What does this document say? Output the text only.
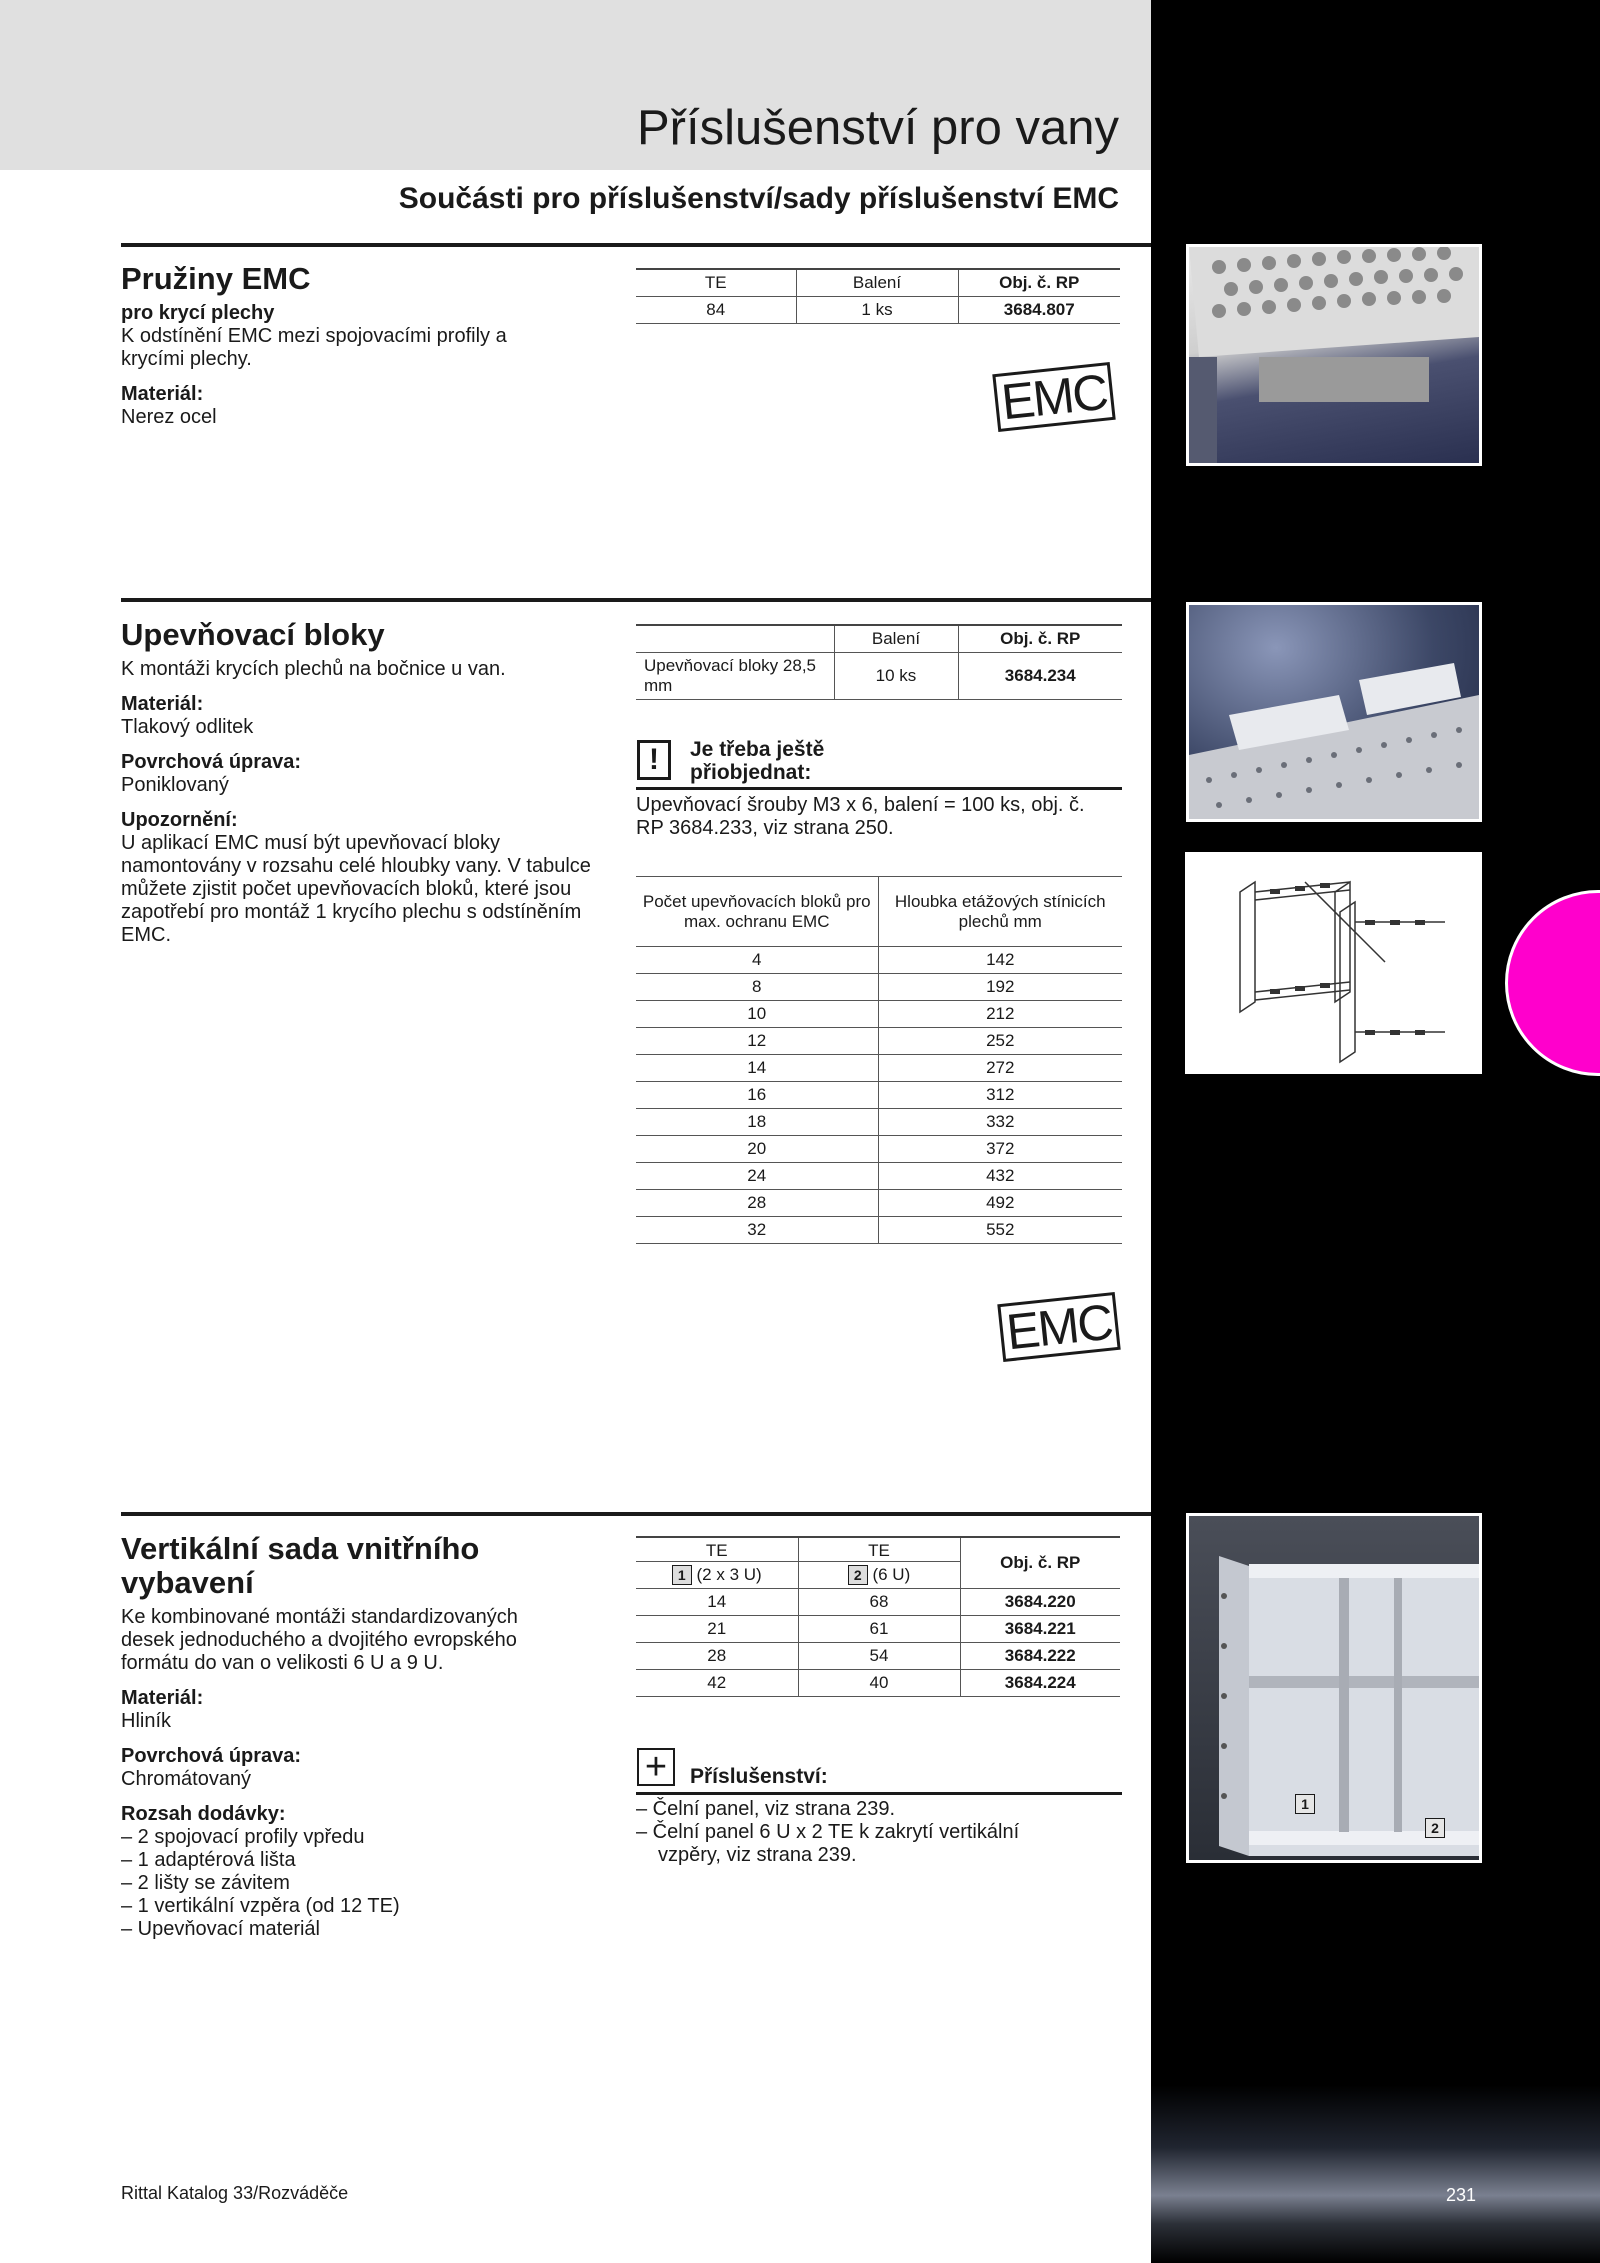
Příslušenství pro vany
Součásti pro příslušenství/sady příslušenství EMC
Pružiny EMC
pro krycí plechy
K odstínění EMC mezi spojovacími profily a krycími plechy.
Materiál:
Nerez ocel
TE	Balení	Obj. č. RP
84	1 ks	3684.807
EMC
Upevňovací bloky
K montáži krycích plechů na bočnice u van.
Materiál:
Tlakový odlitek
Povrchová úprava:
Poniklovaný
Upozornění:
U aplikací EMC musí být upevňovací bloky namontovány v rozsahu celé hloubky vany. V tabulce můžete zjistit počet upevňovacích bloků, které jsou zapotřebí pro montáž 1 krycího plechu s odstíněním EMC.
	Balení	Obj. č. RP
Upevňovací bloky 28,5 mm	10 ks	3684.234
!	Je třeba ještě přiobjednat:
Upevňovací šrouby M3 x 6, balení = 100 ks, obj. č. RP 3684.233, viz strana 250.
Počet upevňovacích bloků pro max. ochranu EMC	Hloubka etážových stínicích plechů mm
4	142
8	192
10	212
12	252
14	272
16	312
18	332
20	372
24	432
28	492
32	552
EMC
Vertikální sada vnitřního vybavení
Ke kombinované montáži standardizovaných desek jednoduchého a dvojitého evropského formátu do van o velikosti 6 U a 9 U.
Materiál:
Hliník
Povrchová úprava:
Chromátovaný
Rozsah dodávky:
– 2 spojovací profily vpředu
– 1 adaptérová lišta
– 2 lišty se závitem
– 1 vertikální vzpěra (od 12 TE)
– Upevňovací materiál
TE	TE	Obj. č. RP
1 (2 x 3 U)	2 (6 U)	
14	68	3684.220
21	61	3684.221
28	54	3684.222
42	40	3684.224
+	Příslušenství:
– Čelní panel, viz strana 239.
– Čelní panel 6 U x 2 TE k zakrytí vertikální vzpěry, viz strana 239.
1
2
Rittal Katalog 33/Rozváděče	231
